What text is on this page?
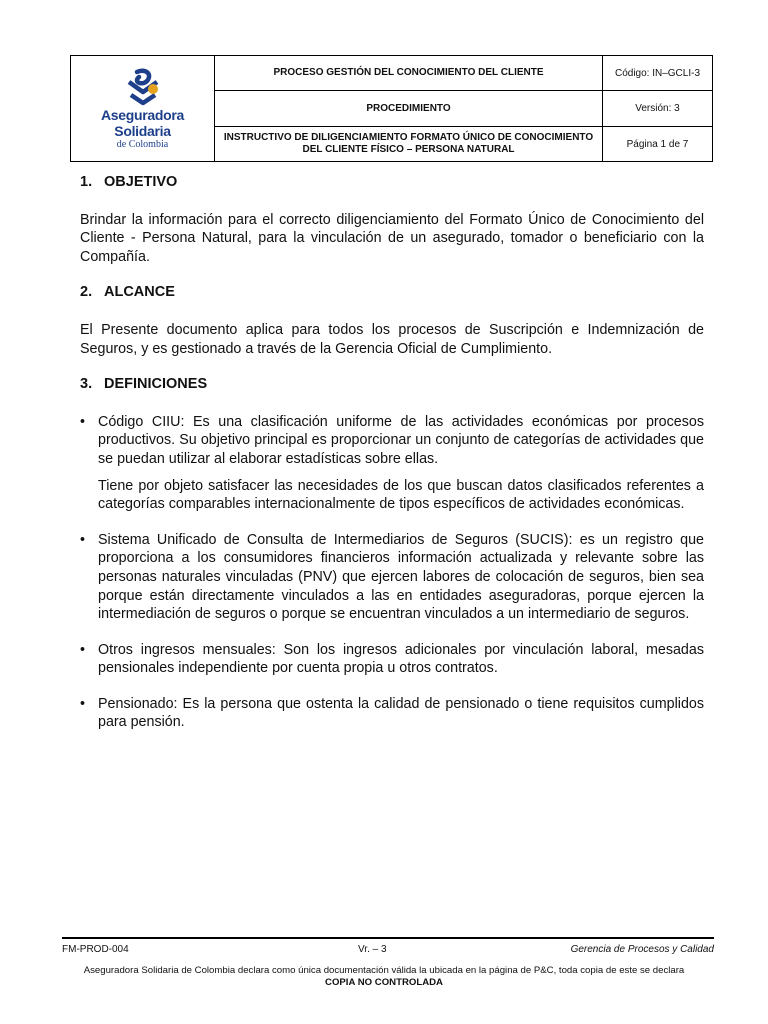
Aseguradora Solidaria
de Colombia	PROCESO GESTIÓN DEL CONOCIMIENTO DEL CLIENTE	Código: IN–GCLI-3
	PROCEDIMIENTO	Versión: 3
	INSTRUCTIVO DE DILIGENCIAMIENTO FORMATO ÚNICO DE CONOCIMIENTO DEL CLIENTE FÍSICO – PERSONA NATURAL	Página 1 de 7
1. OBJETIVO

Brindar la información para el correcto diligenciamiento del Formato Único de Conocimiento del Cliente - Persona Natural, para la vinculación de un asegurado, tomador o beneficiario con la Compañía.

2. ALCANCE

El Presente documento aplica para todos los procesos de Suscripción e Indemnización de Seguros, y es gestionado a través de la Gerencia Oficial de Cumplimiento.

3. DEFINICIONES
• Código CIIU: Es una clasificación uniforme de las actividades económicas por procesos productivos. Su objetivo principal es proporcionar un conjunto de categorías de actividades que se puedan utilizar al elaborar estadísticas sobre ellas.

Tiene por objeto satisfacer las necesidades de los que buscan datos clasificados referentes a categorías comparables internacionalmente de tipos específicos de actividades económicas.

• Sistema Unificado de Consulta de Intermediarios de Seguros (SUCIS): es un registro que proporciona a los consumidores financieros información actualizada y relevante sobre las personas naturales vinculadas (PNV) que ejercen labores de colocación de seguros, bien sea porque están directamente vinculados a las en entidades aseguradoras, porque ejercen la intermediación de seguros o porque se encuentran vinculados a un intermediario de seguros.

• Otros ingresos mensuales: Son los ingresos adicionales por vinculación laboral, mesadas pensionales independiente por cuenta propia u otros contratos.

• Pensionado: Es la persona que ostenta la calidad de pensionado o tiene requisitos cumplidos para pensión.

FM-PROD-004	Vr. – 3	Gerencia de Procesos y Calidad
Aseguradora Solidaria de Colombia declara como única documentación válida la ubicada en la página de P&C, toda copia de este se declara
COPIA NO CONTROLADA
